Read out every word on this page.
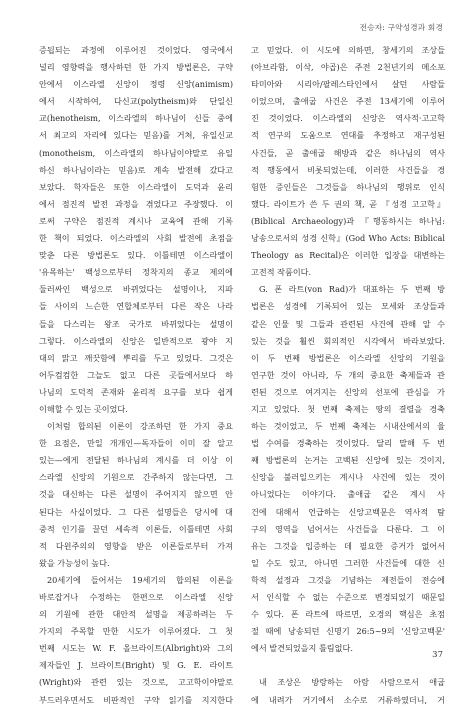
전승자: 구약성경과 회경
증됩되는 과정에 이루어진 것이었다. 영국에서
널리 영향력을 행사하던 한 가지 방법론은, 구약
안에서 이스라엘 신앙이 정령 신앙(animism)
에서 시작하여, 다신교(polytheism)와 단일신
교(henotheism, 이스라엘의 하나님이 신들 중에
서 최고의 자리에 있다는 믿음)를 거쳐, 유일신교
(monotheism, 이스라엘의 하나님이야말로 유일
하신 하나님이라는 믿음)로 계속 발전해 갔다고
보았다. 학자들은 또한 이스라엘이 도덕과 윤리
에서 점진적 발전 과정을 겪었다고 주장했다. 이
로써 구약은 점진적 계시나 교육에 관해 기록
한 책이 되었다. 이스라엘의 사회 발전에 초점을
맞춘 다른 방법론도 있다. 이틀테면 이스라엘이
'유목하는' 백성으로부터 정착지의 종교 제의에
둘러싸인 백성으로 바뀌었다는 설명이나, 지파
들 사이의 느슨한 연합체로부터 다른 작은 나라
들을 다스리는 왕조 국가로 바뀌었다는 설명이
그렇다. 이스라엘의 신앙은 일반적으로 광야 지
대의 맑고 깨끗함에 뿌리를 두고 있었다. 그것은
어두컴컴한 그늘도 없고 다른 곳들에서보다 하
나님의 도덕적 존재와 윤리적 요구를 보다 쉽게
이해할 수 있는 곳이었다.
이처럼 합의된 이론이 강조하던 한 가지 중요
한 요점은, 만일 개개인—독자들이 이미 잘 알고
있는—에게 전달된 하나님의 계시를 더 이상 이
스라엘 신앙의 기원으로 간주하지 않는다면, 그
것을 대신하는 다른 설명이 주어지지 않으면 안
된다는 사실이었다. 그 다른 설명들은 당시에 대
중적 인기를 끌던 세속적 이론들, 이틀테면 사회
적 다윈주의의 영향을 받은 이론들로부터 가져
왔을 가능성이 높다.
20세기에 들어서는 19세기의 합의된 이론을
바로잡거나 수정하는 한편으로 이스라엘 신앙
의 기원에 관한 대안적 설명을 제공하려는 두
가지의 주목할 만한 시도가 이루어졌다. 그 첫
번째 시도는 W. F. 올브라이트(Albright)와 그의
제자들인 J. 브라이트(Bright) 및 G. E. 라이트
(Wright)와 관련 있는 것으로, 고고학이야말로
부드러우면서도 비판적인 구약 읽기를 지지한다
고 믿었다. 이 시도에 의하면, 창세기의 조상들
(아브라함, 이삭, 야곱)은 주전 2천년기의 메소포
타미아와 시리아/팔레스타인에서 살던 사람들
이었으며, 출애굽 사건은 주전 13세기에 이루어
진 것이었다. 이스라엘의 신앙은 역사적·고고학
적 연구의 도움으로 연대를 추정하고 재구성된
사건들, 곧 출애굽 해방과 같은 하나님의 역사
적 행동에서 비롯되었는데, 이러한 사건들을 경
험한 증인들은 그것들을 하나님의 행위로 인식
했다. 라이트가 쓴 두 권의 책, 곧 『성경 고고학』
(Biblical Archaeology)과 『행동하시는 하나님:
낭송으로서의 성경 신학』(God Who Acts: Biblical
Theology as Recital)은 이러한 입장을 대변하는
고전적 작품이다.
G. 폰 라트(von Rad)가 대표하는 두 번째 방
법론은 성경에 기록되어 있는 모세와 조상들과
같은 인물 및 그들과 관련된 사건에 관해 알 수
있는 것을 훨씬 회의적인 시각에서 바라보았다.
이 두 번째 방법론은 이스라엘 신앙의 기원을
연구한 것이 아니라, 두 개의 중요한 축제들과 관
련된 것으로 여겨지는 신앙의 선포에 관심을 가
지고 있었다. 첫 번째 축제는 땅의 결렬을 경축
하는 것이었고, 두 번째 축제는 시내산에서의 율
법 수여를 경축하는 것이었다. 달리 말해 두 번
째 방법론의 논거는 고백된 신앙에 있는 것이지,
신앙을 불러일으키는 계시나 사건에 있는 것이
아니었다는 이야기다. 출애굽 같은 계시 사
건에 대해서 언급하는 신앙고백문은 역사적 탐
구의 영역을 넘어서는 사건들을 다룬다. 그 이
유는 그것을 입증하는 데 필요한 증거가 없어서
일 수도 있고, 아니면 그러한 사건들에 대한 신
학적 설정과 그것을 기념하는 제전들이 전승에
서 인식할 수 없는 수준으로 변경되었기 때문일
수 있다. 폰 라트에 따르면, 오경의 핵심은 초점
절 때에 낭송되던 신명기 26:5~9의 '신앙고백문'
에서 발견되었을지 틀림없다.
내 조상은 방랑하는 아람 사람으로서 애굽
에 내려가 거기에서 소수로 거류하였더니, 거
37
